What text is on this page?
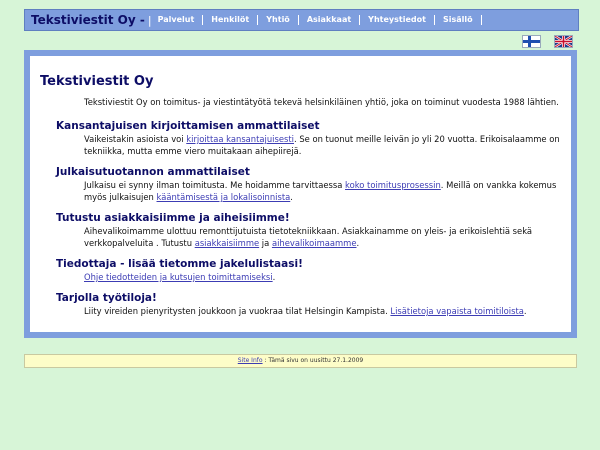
Tekstiviestit Oy - | Palvelut	Henkilöt	Yhtiö	Asiakkaat	Yhteystiedot	Sisällö
Tekstiviestit Oy

Tekstiviestit Oy on toimitus- ja viestintätyötä tekevä helsinkiläinen yhtiö, joka on toiminut vuodesta 1988 lähtien.

Kansantajuisen kirjoittamisen ammattilaiset

Vaikeistakin asioista voi kirjoittaa kansantajuisesti. Se on tuonut meille leivän jo yli 20 vuotta. Erikoisalaamme on tekniikka, mutta emme viero muitakaan aihepiirejä.

Julkaisutuotannon ammattilaiset

Julkaisu ei synny ilman toimitusta. Me hoidamme tarvittaessa koko toimitusprosessin. Meillä on vankka kokemus myös julkaisujen kääntämisestä ja lokalisoinnista.

Tutustu asiakkaisiimme ja aiheisiimme!

Aihevalikoimamme ulottuu remonttijutuista tietotekniikkaan. Asiakkainamme on yleis- ja erikoislehtiä sekä verkkopalveluita . Tutustu asiakkaisiimme ja aihevalikoimaamme.

Tiedottaja - lisää tietomme jakelulistaasi!

Ohje tiedotteiden ja kutsujen toimittamiseksi.

Tarjolla työtiloja!

Liity vireiden pienyritysten joukkoon ja vuokraa tilat Helsingin Kampista. Lisätietoja vapaista toimitiloista.

Site Info : Tämä sivu on uusittu 27.1.2009
